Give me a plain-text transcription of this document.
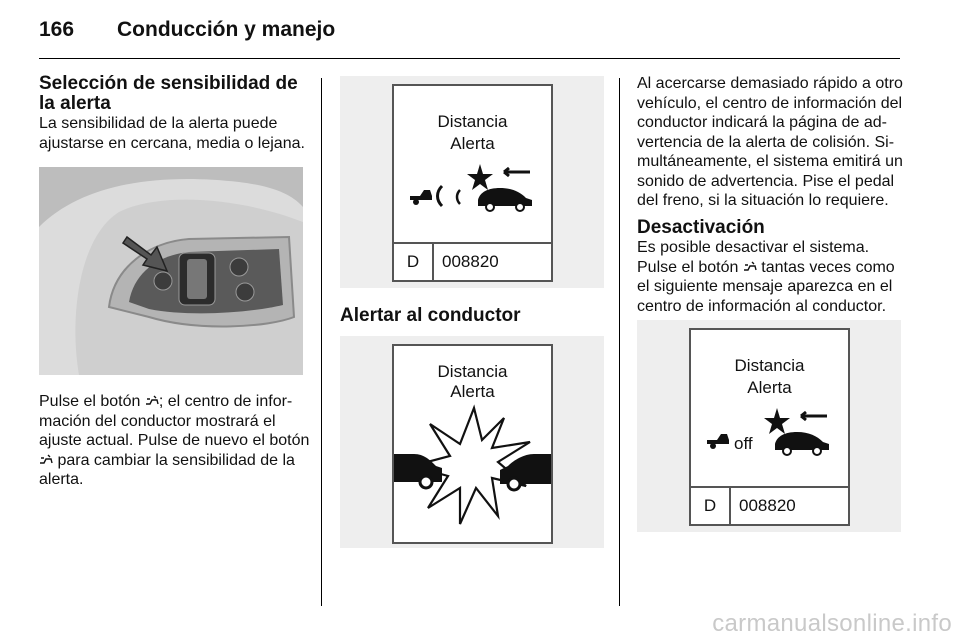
166 Conducción y manejo
Selección de sensibilidad de la alerta

La sensibilidad de la alerta puede ajustarse en cercana, media o lejana.

Pulse el botón ; el centro de infor-mación del conductor mostrará el ajuste actual. Pulse de nuevo el botón  para cambiar la sensibilidad de la alerta.

Distancia
Alerta
D	008820
Alertar al conductor
Distancia
Alerta

Al acercarse demasiado rápido a otro vehículo, el centro de información del conductor indicará la página de ad-vertencia de la alerta de colisión. Si-multáneamente, el sistema emitirá un sonido de advertencia. Pise el pedal del freno, si la situación lo requiere.

Desactivación

Es posible desactivar el sistema. Pulse el botón  tantas veces como el siguiente mensaje aparezca en el centro de información al conductor.

Distancia
Alerta
off
D	008820
carmanualsonline.info
